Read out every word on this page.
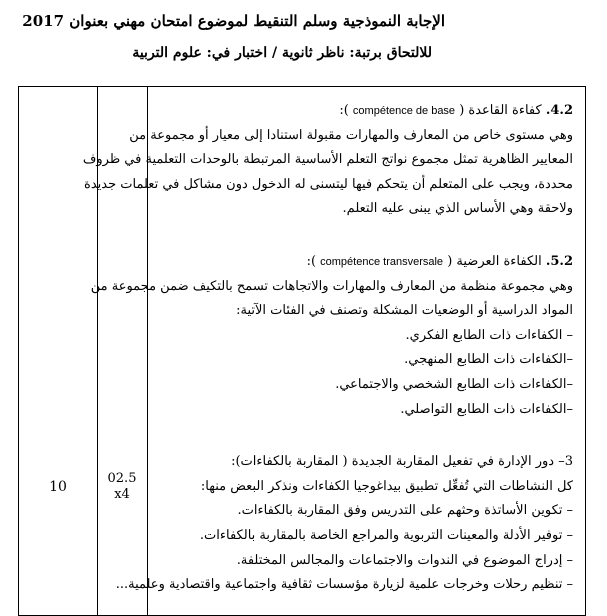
الإجابة النموذجية وسلم التنقيط لموضوع امتحان مهني بعنوان 2017
للالتحاق برتبة: ناظر ثانوية / اختبار في: علوم التربية
10
02.5
x4
4.2. كفاءة القاعدة ( compétence de base ):
وهي مستوى خاص من المعارف والمهارات مقبولة استنادا إلى معيار أو مجموعة من
المعايير الظاهرية تمثل مجموع نواتج التعلم الأساسية المرتبطة بالوحدات التعلمية في ظروف
محددة، ويجب على المتعلم أن يتحكم فيها ليتسنى له الدخول دون مشاكل في تعلمات جديدة
ولاحقة وهي الأساس الذي يبنى عليه التعلم.
5.2. الكفاءة العرضية ( compétence transversale ):
وهي مجموعة منظمة من المعارف والمهارات والاتجاهات تسمح بالتكيف ضمن مجموعة من
المواد الدراسية أو الوضعيات المشكلة وتصنف في الفئات الآتية:
– الكفاءات ذات الطابع الفكري.
–الكفاءات ذات الطابع المنهجي.
–الكفاءات ذات الطابع الشخصي والاجتماعي.
–الكفاءات ذات الطابع التواصلي.
3– دور الإدارة في تفعيل المقاربة الجديدة ( المقاربة بالكفاءات):
كل النشاطات التي تُفعِّل تطبيق بيداغوجيا الكفاءات ونذكر البعض منها:
– تكوين الأساتذة وحثهم على التدريس وفق المقاربة بالكفاءات.
– توفير الأدلة والمعينات التربوية والمراجع الخاصة بالمقاربة بالكفاءات.
– إدراج الموضوع في الندوات والاجتماعات والمجالس المختلفة.
– تنظيم رحلات وخرجات علمية لزيارة مؤسسات ثقافية واجتماعية واقتصادية وعلمية...
